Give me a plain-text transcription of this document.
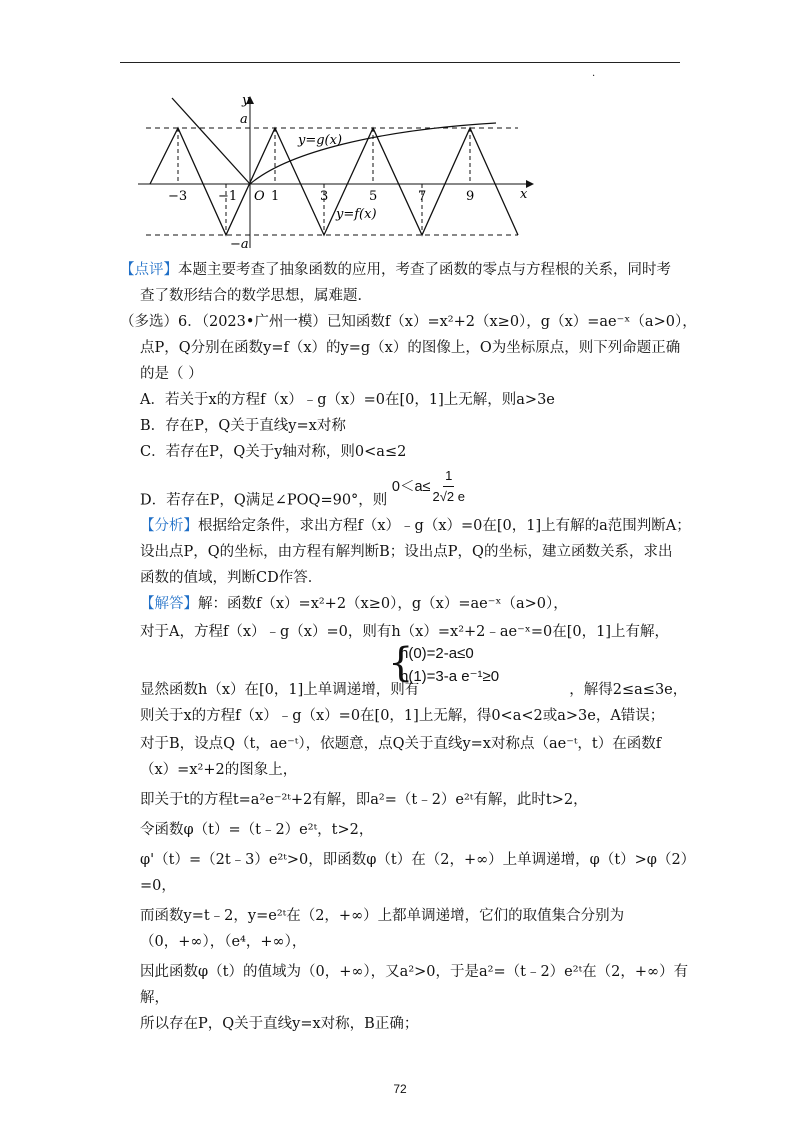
.
y
x
a
−a
O
y=g(x)
y=f(x)
−3 −1	1	3	5	7	9
【点评】本题主要考查了抽象函数的应用，考查了函数的零点与方程根的关系，同时考
查了数形结合的数学思想，属难题．
（多选）6．（2023•广州一模）已知函数f（x）=x²+2（x≥0），g（x）=ae⁻ˣ（a>0），
点P，Q分别在函数y=f（x）的y=g（x）的图像上，O为坐标原点，则下列命题正确
的是（ ）
A．若关于x的方程f（x）﹣g（x）=0在[0，1]上无解，则a>3e
B．存在P，Q关于直线y=x对称
C．若存在P，Q关于y轴对称，则0<a≤2
D．若存在P，Q满足∠POQ=90°，则 $0<a\le \frac{1}{2√2 e}$
【分析】根据给定条件，求出方程f（x）﹣g（x）=0在[0，1]上有解的a范围判断A；
设出点P，Q的坐标，由方程有解判断B；设出点P，Q的坐标，建立函数关系，求出
函数的值域，判断CD作答．
【解答】解：函数f（x）=x²+2（x≥0），g（x）=ae⁻ˣ（a>0），
对于A，方程f（x）﹣g（x）=0，则有h（x）=x²+2﹣ae⁻ˣ=0在[0，1]上有解，
{
h(0)=2-a≤0
h(1)=3-a e⁻¹≥0
显然函数h（x）在[0，1]上单调递增，则有	，解得2≤a≤3e，
则关于x的方程f（x）﹣g（x）=0在[0，1]上无解，得0<a<2或a>3e，A错误；
对于B，设点Q（t，ae⁻ᵗ），依题意，点Q关于直线y=x对称点（ae⁻ᵗ，t）在函数f
（x）=x²+2的图象上，
即关于t的方程t=a²e⁻²ᵗ+2有解，即a²=（t﹣2）e²ᵗ有解，此时t>2，
令函数φ（t）=（t﹣2）e²ᵗ，t>2，
φ'（t）=（2t﹣3）e²ᵗ>0，即函数φ（t）在（2，+∞）上单调递增，φ（t）>φ（2）
=0，
而函数y=t﹣2，y=e²ᵗ在（2，+∞）上都单调递增，它们的取值集合分别为
（0，+∞），（e⁴，+∞），
因此函数φ（t）的值域为（0，+∞），又a²>0，于是a²=（t﹣2）e²ᵗ在（2，+∞）有
解，
所以存在P，Q关于直线y=x对称，B正确；
72
